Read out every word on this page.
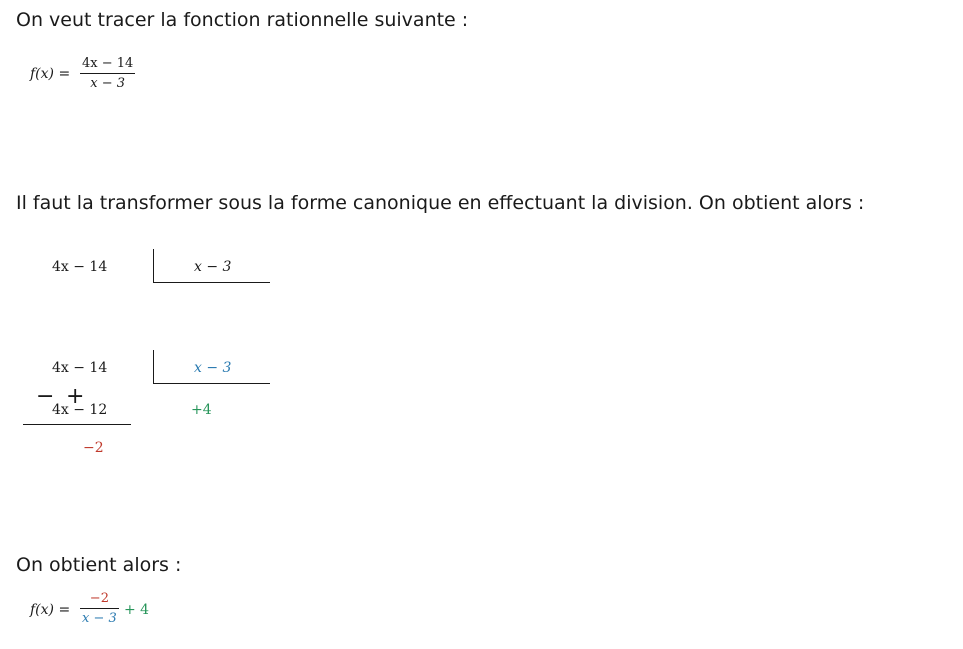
On veut tracer la fonction rationnelle suivante :
$f(x) = \frac{4x - 14}{x - 3}$
Il faut la transformer sous la forme canonique en effectuant la division. On obtient alors :
4x − 14	x − 3
4x − 14	x − 3
− +
4x − 12	+4
−2
On obtient alors :
$f(x) = \frac{-2}{x - 3} + 4$
